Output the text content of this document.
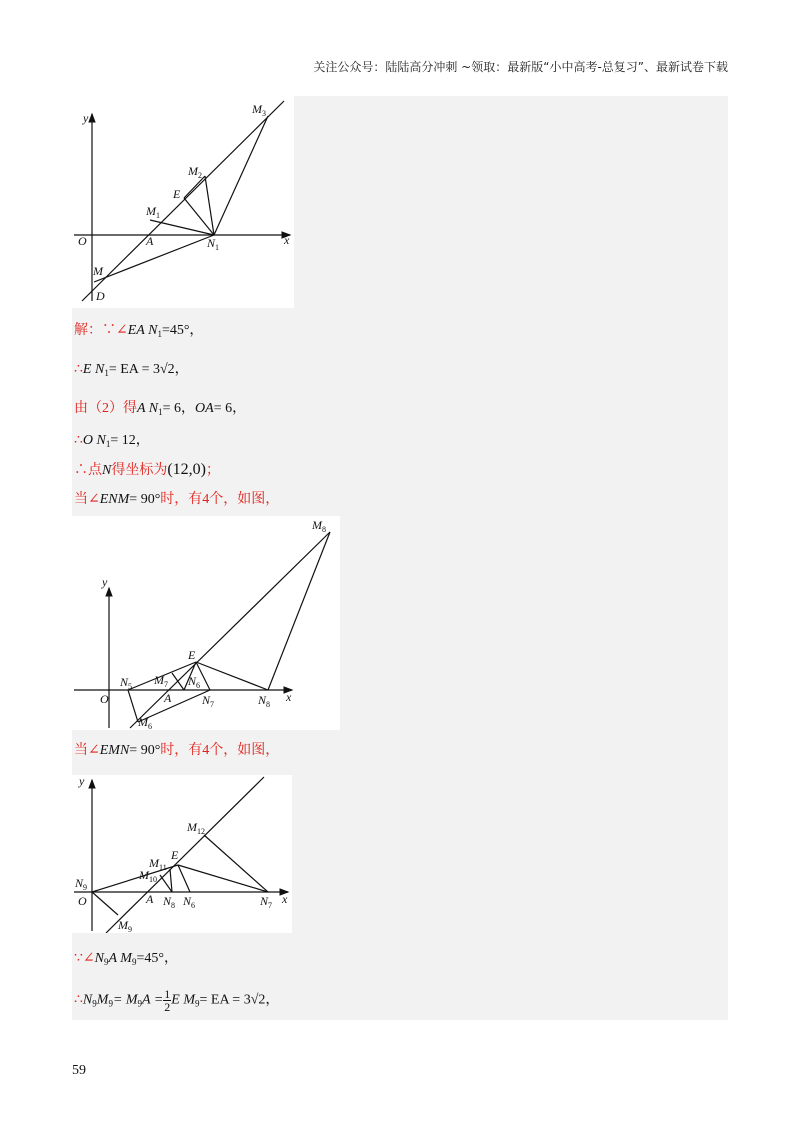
关注公众号：陆陆高分冲刺 ~领取：最新版“小中高考-总复习”、最新试卷下载
y
x
O	A
E
D
M
$M_1$
$M_2$
$M_3$
$N_1$
解：∵∠EA $N_1=45^\circ$，
∴E $N_1=$ EA = 3√2，
由（2）得A $N_1= 6$，OA= 6，
∴O $N_1= 12$，
∴点N得坐标为(12,0)；
当∠ENM= 90°时，有4个，如图，
y
x
O	A
E
$M_8$
$N_5$ $M_7$ $N_6$
$N_7$	$N_8$
$M_6$
当∠EMN= 90°时，有4个，如图，
y
x
O	A
E
$M_{12}$
$M_{11}$
$M_{10}$
$N_9$
$N_8$ $N_6$	$N_7$
$M_9$
$\because\angle N_9A$ $M_9=45^\circ$，
$\therefore N_9M_9= M_9A = \frac{1}{2}$ E $M_9=$ EA = 3√2，
59
